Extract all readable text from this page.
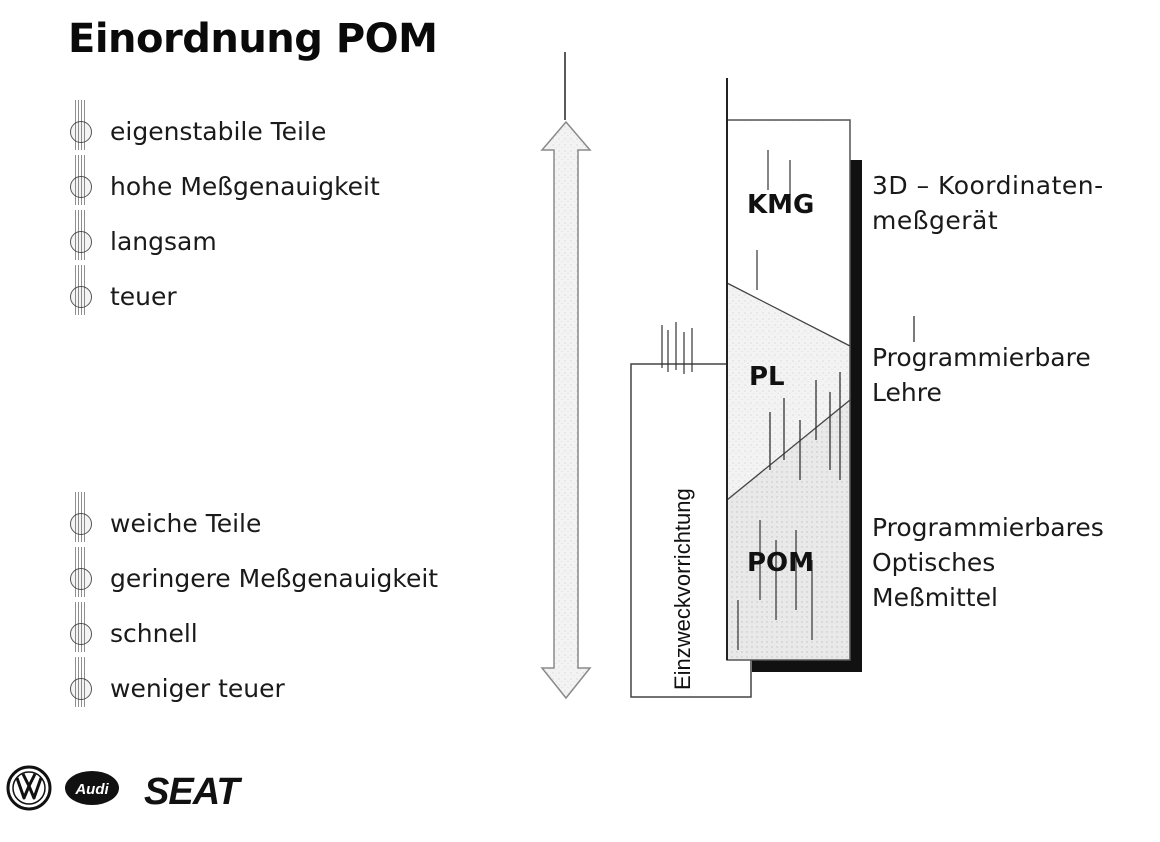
Einordnung POM
eigenstabile Teile
hohe Meßgenauigkeit
langsam
teuer
weiche Teile
geringere Meßgenauigkeit
schnell
weniger teuer	Einzweckvorrichtung
KMG
PL
POM
3D – Koordinaten-
meßgerät
Programmierbare
Lehre
Programmierbares
Optisches
Meßmittel
Audi SEAT
